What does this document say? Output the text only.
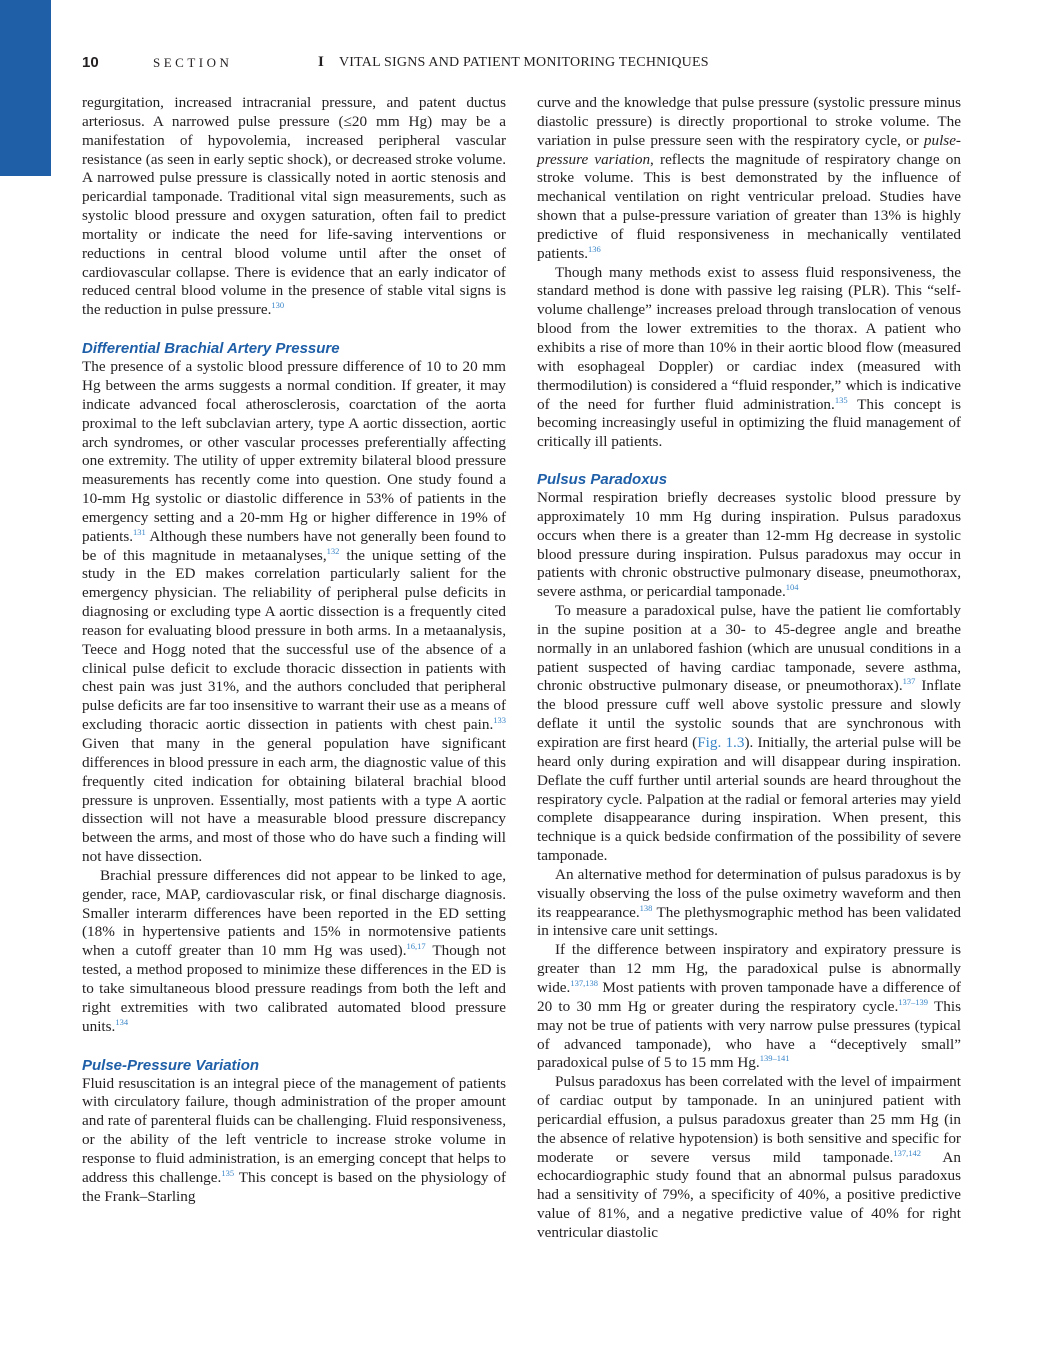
10	SECTION	I VITAL SIGNS AND PATIENT MONITORING TECHNIQUES

regurgitation, increased intracranial pressure, and patent ductus arteriosus. A narrowed pulse pressure (≤20 mm Hg) may be a manifestation of hypovolemia, increased peripheral vascular resistance (as seen in early septic shock), or decreased stroke volume. A narrowed pulse pressure is classically noted in aortic stenosis and pericardial tamponade. Traditional vital sign measurements, such as systolic blood pressure and oxygen saturation, often fail to predict mortality or indicate the need for life-saving interventions or reductions in central blood volume until after the onset of cardiovascular collapse. There is evidence that an early indicator of reduced central blood volume in the presence of stable vital signs is the reduction in pulse pressure.$^{130}$

Differential Brachial Artery Pressure

The presence of a systolic blood pressure difference of 10 to 20 mm Hg between the arms suggests a normal condition. If greater, it may indicate advanced focal atherosclerosis, coarctation of the aorta proximal to the left subclavian artery, type A aortic dissection, aortic arch syndromes, or other vascular processes preferentially affecting one extremity. The utility of upper extremity bilateral blood pressure measurements has recently come into question. One study found a 10-mm Hg systolic or diastolic difference in 53% of patients in the emergency setting and a 20-mm Hg or higher difference in 19% of patients.$^{131}$ Although these numbers have not generally been found to be of this magnitude in metaanalyses,$^{132}$ the unique setting of the study in the ED makes correlation particularly salient for the emergency physician. The reliability of peripheral pulse deficits in diagnosing or excluding type A aortic dissection is a frequently cited reason for evaluating blood pressure in both arms. In a metaanalysis, Teece and Hogg noted that the successful use of the absence of a clinical pulse deficit to exclude thoracic dissection in patients with chest pain was just 31%, and the authors concluded that peripheral pulse deficits are far too insensitive to warrant their use as a means of excluding thoracic aortic dissection in patients with chest pain.$^{133}$ Given that many in the general population have significant differences in blood pressure in each arm, the diagnostic value of this frequently cited indication for obtaining bilateral brachial blood pressure is unproven. Essentially, most patients with a type A aortic dissection will not have a measurable blood pressure discrepancy between the arms, and most of those who do have such a finding will not have dissection.

Brachial pressure differences did not appear to be linked to age, gender, race, MAP, cardiovascular risk, or final discharge diagnosis. Smaller interarm differences have been reported in the ED setting (18% in hypertensive patients and 15% in normotensive patients when a cutoff greater than 10 mm Hg was used).$^{16,17}$ Though not tested, a method proposed to minimize these differences in the ED is to take simultaneous blood pressure readings from both the left and right extremities with two calibrated automated blood pressure units.$^{134}$

Pulse-Pressure Variation

Fluid resuscitation is an integral piece of the management of patients with circulatory failure, though administration of the proper amount and rate of parenteral fluids can be challenging. Fluid responsiveness, or the ability of the left ventricle to increase stroke volume in response to fluid administration, is an emerging concept that helps to address this challenge.$^{135}$ This concept is based on the physiology of the Frank–Starling

curve and the knowledge that pulse pressure (systolic pressure minus diastolic pressure) is directly proportional to stroke volume. The variation in pulse pressure seen with the respiratory cycle, or pulse-pressure variation, reflects the magnitude of respiratory change on stroke volume. This is best demonstrated by the influence of mechanical ventilation on right ventricular preload. Studies have shown that a pulse-pressure variation of greater than 13% is highly predictive of fluid responsiveness in mechanically ventilated patients.$^{136}$

Though many methods exist to assess fluid responsiveness, the standard method is done with passive leg raising (PLR). This “self-volume challenge” increases preload through translocation of venous blood from the lower extremities to the thorax. A patient who exhibits a rise of more than 10% in their aortic blood flow (measured with esophageal Doppler) or cardiac index (measured with thermodilution) is considered a “fluid responder,” which is indicative of the need for further fluid administration.$^{135}$ This concept is becoming increasingly useful in optimizing the fluid management of critically ill patients.

Pulsus Paradoxus

Normal respiration briefly decreases systolic blood pressure by approximately 10 mm Hg during inspiration. Pulsus paradoxus occurs when there is a greater than 12-mm Hg decrease in systolic blood pressure during inspiration. Pulsus paradoxus may occur in patients with chronic obstructive pulmonary disease, pneumothorax, severe asthma, or pericardial tamponade.$^{104}$

To measure a paradoxical pulse, have the patient lie comfortably in the supine position at a 30- to 45-degree angle and breathe normally in an unlabored fashion (which are unusual conditions in a patient suspected of having cardiac tamponade, severe asthma, chronic obstructive pulmonary disease, or pneumothorax).$^{137}$ Inflate the blood pressure cuff well above systolic pressure and slowly deflate it until the systolic sounds that are synchronous with expiration are first heard (Fig. 1.3). Initially, the arterial pulse will be heard only during expiration and will disappear during inspiration. Deflate the cuff further until arterial sounds are heard throughout the respiratory cycle. Palpation at the radial or femoral arteries may yield complete disappearance during inspiration. When present, this technique is a quick bedside confirmation of the possibility of severe tamponade.

An alternative method for determination of pulsus paradoxus is by visually observing the loss of the pulse oximetry waveform and then its reappearance.$^{138}$ The plethysmographic method has been validated in intensive care unit settings.

If the difference between inspiratory and expiratory pressure is greater than 12 mm Hg, the paradoxical pulse is abnormally wide.$^{137,138}$ Most patients with proven tamponade have a difference of 20 to 30 mm Hg or greater during the respiratory cycle.$^{137-139}$ This may not be true of patients with very narrow pulse pressures (typical of advanced tamponade), who have a “deceptively small” paradoxical pulse of 5 to 15 mm Hg.$^{139-141}$

Pulsus paradoxus has been correlated with the level of impairment of cardiac output by tamponade. In an uninjured patient with pericardial effusion, a pulsus paradoxus greater than 25 mm Hg (in the absence of relative hypotension) is both sensitive and specific for moderate or severe versus mild tamponade.$^{137,142}$ An echocardiographic study found that an abnormal pulsus paradoxus had a sensitivity of 79%, a specificity of 40%, a positive predictive value of 81%, and a negative predictive value of 40% for right ventricular diastolic
